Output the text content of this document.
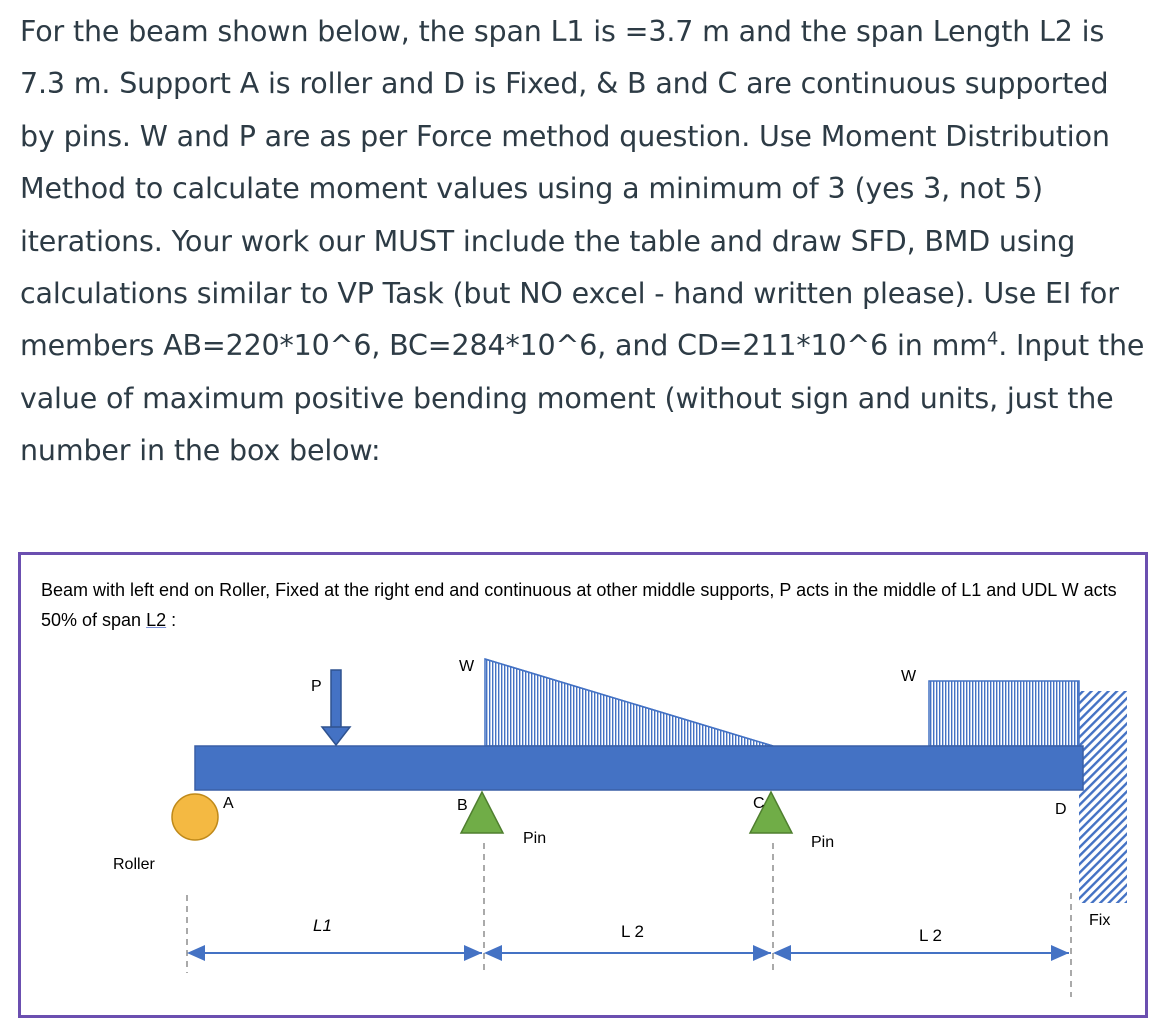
For the beam shown below, the span L1 is =3.7 m and the span Length L2 is 7.3 m. Support A is roller and D is Fixed, & B and C are continuous supported by pins. W and P are as per Force method question. Use Moment Distribution Method to calculate moment values using a minimum of 3 (yes 3, not 5) iterations. Your work our MUST include the table and draw SFD, BMD using calculations similar to VP Task (but NO excel - hand written please). Use EI for members AB=220*10^6, BC=284*10^6, and CD=211*10^6 in $mm^4$. Input the value of maximum positive bending moment (without sign and units, just the number in the box below:

Beam with left end on Roller, Fixed at the right end and continuous at other middle supports, P acts in the middle of L1 and UDL W acts 50% of span L2 :
P
W
W
A	B	C	D
Pin	Pin
Roller
Fix
L1	L 2	L 2
